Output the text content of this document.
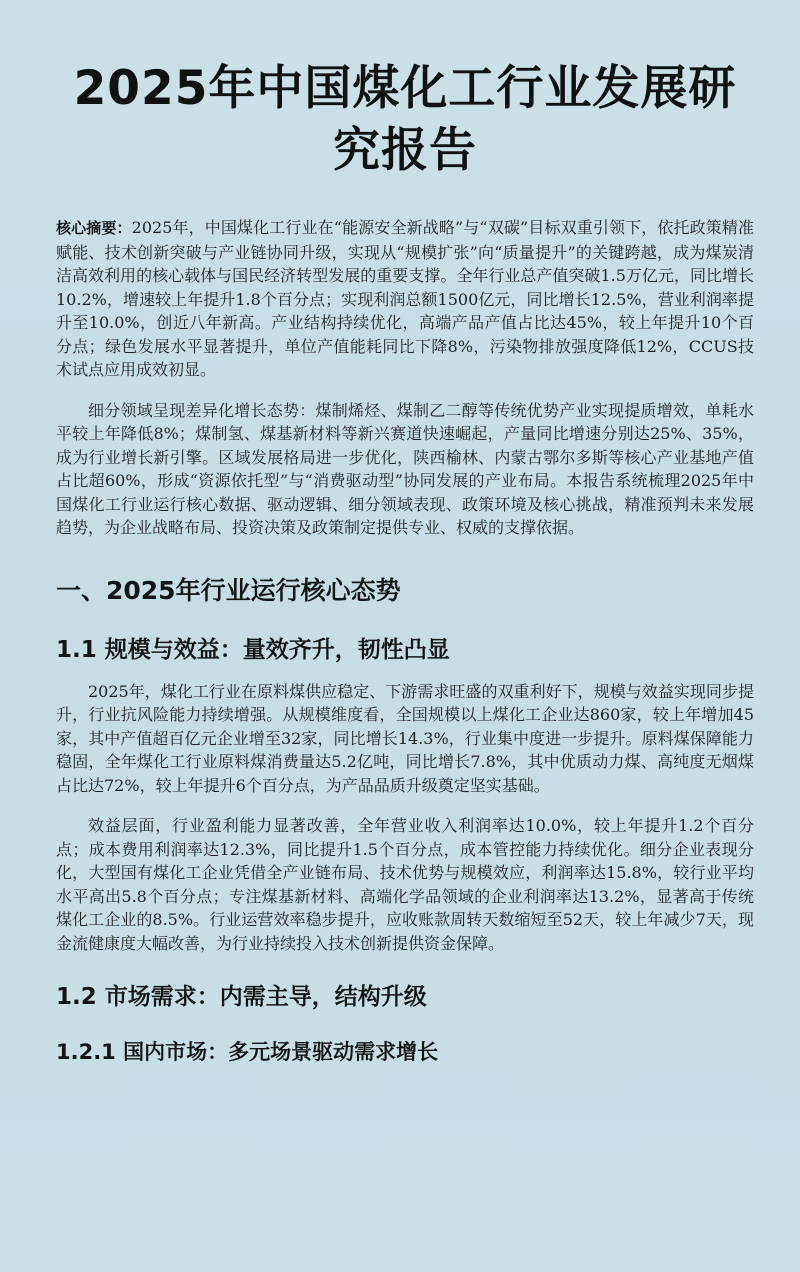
2025年中国煤化工行业发展研究报告

核心摘要：2025年，中国煤化工行业在“能源安全新战略”与“双碳”目标双重引领下，依托政策精准赋能、技术创新突破与产业链协同升级，实现从“规模扩张”向“质量提升”的关键跨越，成为煤炭清洁高效利用的核心载体与国民经济转型发展的重要支撑。全年行业总产值突破1.5万亿元，同比增长10.2%，增速较上年提升1.8个百分点；实现利润总额1500亿元，同比增长12.5%，营业利润率提升至10.0%，创近八年新高。产业结构持续优化，高端产品产值占比达45%，较上年提升10个百分点；绿色发展水平显著提升，单位产值能耗同比下降8%，污染物排放强度降低12%，CCUS技术试点应用成效初显。

细分领域呈现差异化增长态势：煤制烯烃、煤制乙二醇等传统优势产业实现提质增效，单耗水平较上年降低8%；煤制氢、煤基新材料等新兴赛道快速崛起，产量同比增速分别达25%、35%，成为行业增长新引擎。区域发展格局进一步优化，陕西榆林、内蒙古鄂尔多斯等核心产业基地产值占比超60%，形成“资源依托型”与“消费驱动型”协同发展的产业布局。本报告系统梳理2025年中国煤化工行业运行核心数据、驱动逻辑、细分领域表现、政策环境及核心挑战，精准预判未来发展趋势，为企业战略布局、投资决策及政策制定提供专业、权威的支撑依据。

一、2025年行业运行核心态势
1.1 规模与效益：量效齐升，韧性凸显

2025年，煤化工行业在原料煤供应稳定、下游需求旺盛的双重利好下，规模与效益实现同步提升，行业抗风险能力持续增强。从规模维度看，全国规模以上煤化工企业达860家，较上年增加45家，其中产值超百亿元企业增至32家，同比增长14.3%，行业集中度进一步提升。原料煤保障能力稳固，全年煤化工行业原料煤消费量达5.2亿吨，同比增长7.8%，其中优质动力煤、高纯度无烟煤占比达72%，较上年提升6个百分点，为产品品质升级奠定坚实基础。

效益层面，行业盈利能力显著改善，全年营业收入利润率达10.0%，较上年提升1.2个百分点；成本费用利润率达12.3%，同比提升1.5个百分点，成本管控能力持续优化。细分企业表现分化，大型国有煤化工企业凭借全产业链布局、技术优势与规模效应，利润率达15.8%，较行业平均水平高出5.8个百分点；专注煤基新材料、高端化学品领域的企业利润率达13.2%，显著高于传统煤化工企业的8.5%。行业运营效率稳步提升，应收账款周转天数缩短至52天，较上年减少7天，现金流健康度大幅改善，为行业持续投入技术创新提供资金保障。

1.2 市场需求：内需主导，结构升级
1.2.1 国内市场：多元场景驱动需求增长
